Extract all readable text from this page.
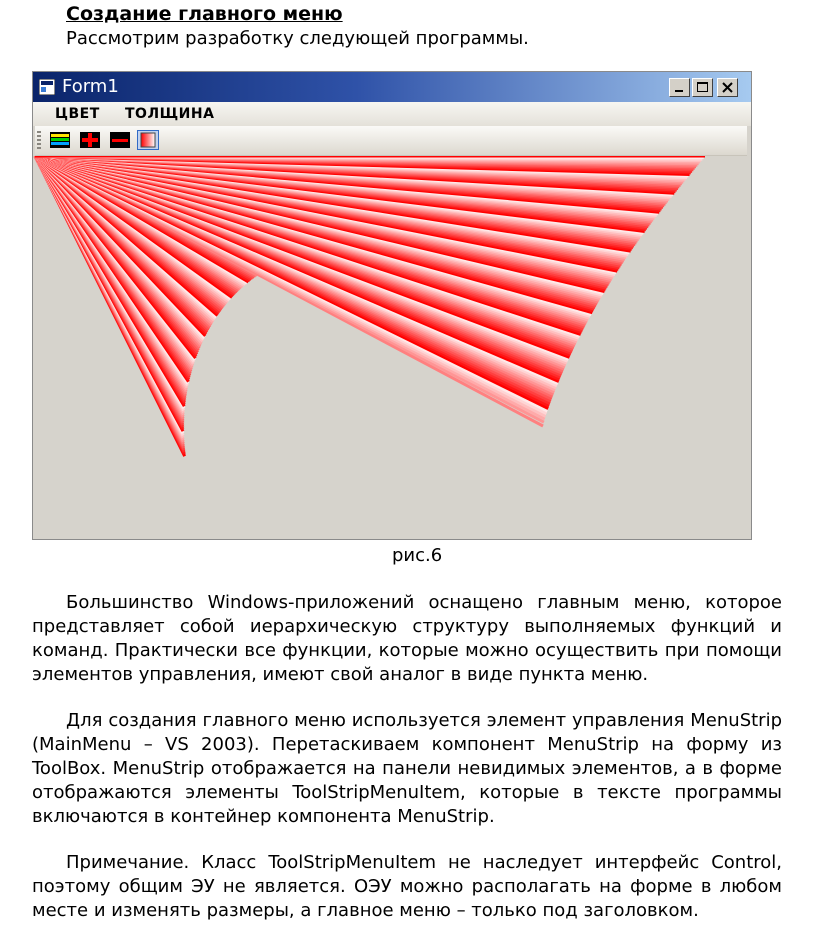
Создание главного меню
Рассмотрим разработку следующей программы.
Form1
ЦВЕТ ТОЛЩИНА
рис.6

Большинство Windows-приложений оснащено главным меню, которое представляет собой иерархическую структуру выполняемых функций и команд. Практически все функции, которые можно осуществить при помощи элементов управления, имеют свой аналог в виде пункта меню.

Для создания главного меню используется элемент управления MenuStrip (MainMenu – VS 2003). Перетаскиваем компонент MenuStrip на форму из ToolBox. MenuStrip отображается на панели невидимых элементов, а в форме отображаются элементы ToolStripMenuItem, которые в тексте программы включаются в контейнер компонента MenuStrip.

Примечание. Класс ToolStripMenuItem не наследует интерфейс Control, поэтому общим ЭУ не является. ОЭУ можно располагать на форме в любом месте и изменять размеры, а главное меню – только под заголовком.
